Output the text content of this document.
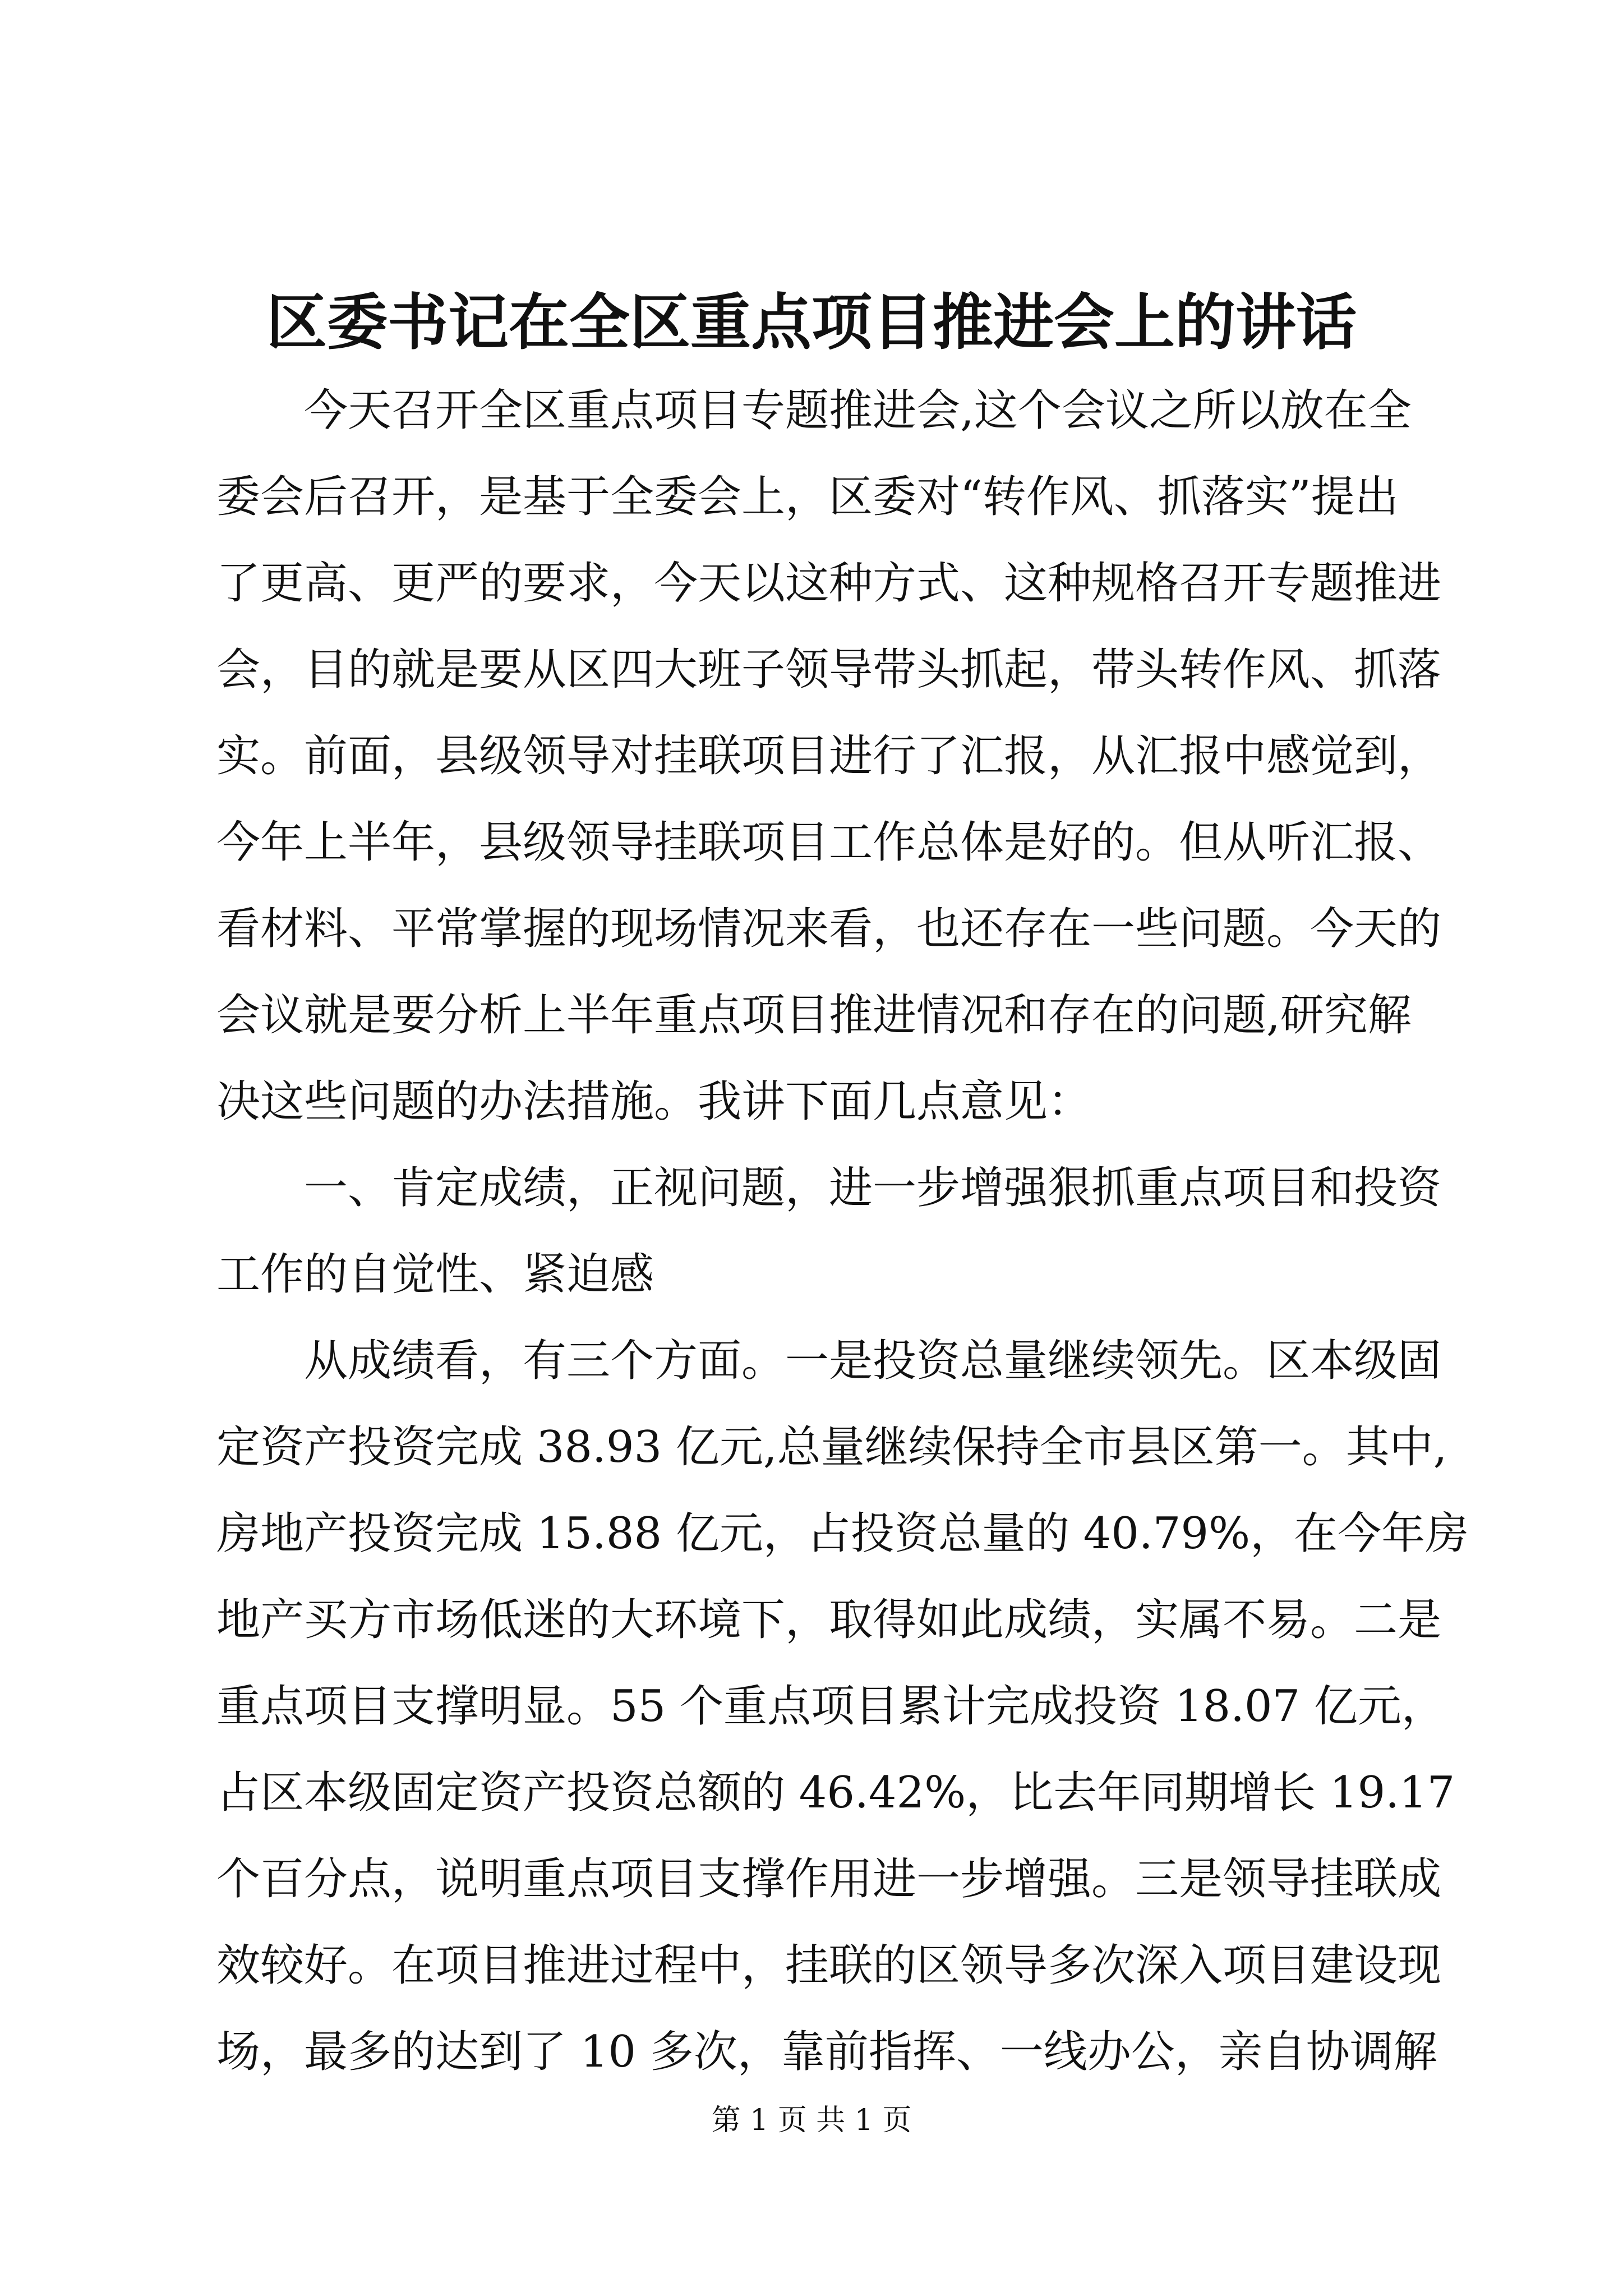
区委书记在全区重点项目推进会上的讲话
　　今天召开全区重点项目专题推进会,这个会议之所以放在全
委会后召开，是基于全委会上，区委对“转作风、抓落实”提出
了更高、更严的要求，今天以这种方式、这种规格召开专题推进
会，目的就是要从区四大班子领导带头抓起，带头转作风、抓落
实。前面，县级领导对挂联项目进行了汇报，从汇报中感觉到，
今年上半年，县级领导挂联项目工作总体是好的。但从听汇报、
看材料、平常掌握的现场情况来看，也还存在一些问题。今天的
会议就是要分析上半年重点项目推进情况和存在的问题,研究解
决这些问题的办法措施。我讲下面几点意见：
　　一、肯定成绩，正视问题，进一步增强狠抓重点项目和投资
工作的自觉性、紧迫感
　　从成绩看，有三个方面。一是投资总量继续领先。区本级固
定资产投资完成 38.93 亿元,总量继续保持全市县区第一。其中,
房地产投资完成 15.88 亿元，占投资总量的 40.79%，在今年房
地产买方市场低迷的大环境下，取得如此成绩，实属不易。二是
重点项目支撑明显。55 个重点项目累计完成投资 18.07 亿元，
占区本级固定资产投资总额的 46.42%，比去年同期增长 19.17
个百分点，说明重点项目支撑作用进一步增强。三是领导挂联成
效较好。在项目推进过程中，挂联的区领导多次深入项目建设现
场，最多的达到了 10 多次，靠前指挥、一线办公，亲自协调解
第 1 页 共 1 页
